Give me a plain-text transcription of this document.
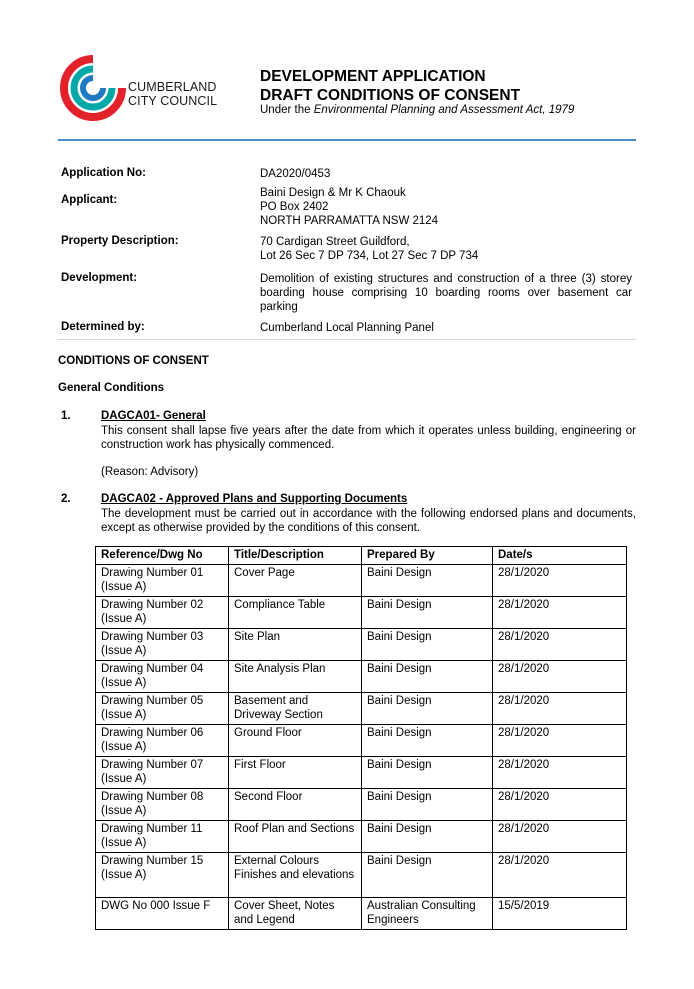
CUMBERLAND
CITY COUNCIL
DEVELOPMENT APPLICATION
DRAFT CONDITIONS OF CONSENT
Under the Environmental Planning and Assessment Act, 1979
Application No:	DA2020/0453
Applicant:
Baini Design & Mr K Chaouk
PO Box 2402
NORTH PARRAMATTA NSW 2124
Property Description:	70 Cardigan Street Guildford,
Lot 26 Sec 7 DP 734, Lot 27 Sec 7 DP 734
Development:	Demolition of existing structures and construction of a three (3) storey boarding house comprising 10 boarding rooms over basement car parking
Determined by:	Cumberland Local Planning Panel
CONDITIONS OF CONSENT
General Conditions
1.	DAGCA01- General
This consent shall lapse five years after the date from which it operates unless building, engineering or construction work has physically commenced.
(Reason: Advisory)
2.	DAGCA02 - Approved Plans and Supporting Documents
The development must be carried out in accordance with the following endorsed plans and documents, except as otherwise provided by the conditions of this consent.
Reference/Dwg No	Title/Description	Prepared By	Date/s
Drawing Number 01 (Issue A)	Cover Page	Baini Design	28/1/2020
Drawing Number 02 (Issue A)	Compliance Table	Baini Design	28/1/2020
Drawing Number 03 (Issue A)	Site Plan	Baini Design	28/1/2020
Drawing Number 04 (Issue A)	Site Analysis Plan	Baini Design	28/1/2020
Drawing Number 05 (Issue A)	Basement and Driveway Section	Baini Design	28/1/2020
Drawing Number 06 (Issue A)	Ground Floor	Baini Design	28/1/2020
Drawing Number 07 (Issue A)	First Floor	Baini Design	28/1/2020
Drawing Number 08 (Issue A)	Second Floor	Baini Design	28/1/2020
Drawing Number 11 (Issue A)	Roof Plan and Sections	Baini Design	28/1/2020
Drawing Number 15 (Issue A)	External Colours Finishes and elevations	Baini Design	28/1/2020
DWG No 000 Issue F	Cover Sheet, Notes and Legend	Australian Consulting Engineers	15/5/2019
